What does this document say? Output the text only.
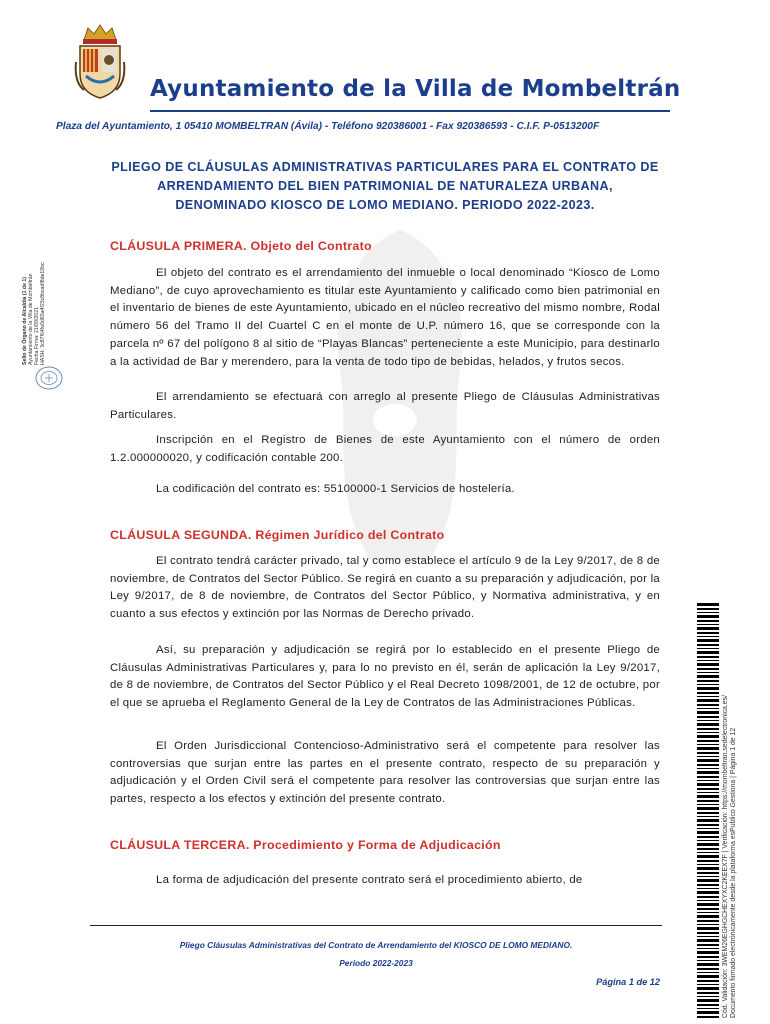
Ayuntamiento de la Villa de Mombeltrán
Plaza del Ayuntamiento, 1 05410 MOMBELTRAN (Ávila) - Teléfono 920386001 - Fax 920386593 - C.I.F. P-0513200F
Sello de Órgano de Alcaldía (1 de 1) Ayuntamiento de la Villa de Mombeltrán Fecha Firma: 21/09/2021 HASH: 3c87f64fe0d83a4f23c8bcadf8de19bc
PLIEGO DE CLÁUSULAS ADMINISTRATIVAS PARTICULARES PARA EL CONTRATO DE
ARRENDAMIENTO DEL BIEN PATRIMONIAL DE NATURALEZA URBANA,
DENOMINADO KIOSCO DE LOMO MEDIANO. PERIODO 2022-2023.
CLÁUSULA PRIMERA. Objeto del Contrato
El objeto del contrato es el arrendamiento del inmueble o local denominado “Kiosco de Lomo Mediano”, de cuyo aprovechamiento es titular este Ayuntamiento y calificado como bien patrimonial en el inventario de bienes de este Ayuntamiento, ubicado en el núcleo recreativo del mismo nombre, Rodal número 56 del Tramo II del Cuartel C en el monte de U.P. número 16, que se corresponde con la parcela nº 67 del polígono 8 al sitio de “Playas Blancas” perteneciente a este Municipio, para destinarlo a la actividad de Bar y merendero, para la venta de todo tipo de bebidas, helados, y frutos secos.
El arrendamiento se efectuará con arreglo al presente Pliego de Cláusulas Administrativas Particulares.
Inscripción en el Registro de Bienes de este Ayuntamiento con el número de orden 1.2.000000020, y codificación contable 200.
La codificación del contrato es: 55100000-1 Servicios de hostelería.
CLÁUSULA SEGUNDA. Régimen Jurídico del Contrato
El contrato tendrá carácter privado, tal y como establece el artículo 9 de la Ley 9/2017, de 8 de noviembre, de Contratos del Sector Público. Se regirá en cuanto a su preparación y adjudicación, por la Ley 9/2017, de 8 de noviembre, de Contratos del Sector Público, y Normativa administrativa, y en cuanto a sus efectos y extinción por las Normas de Derecho privado.
Así, su preparación y adjudicación se regirá por lo establecido en el presente Pliego de Cláusulas Administrativas Particulares y, para lo no previsto en él, serán de aplicación la Ley 9/2017, de 8 de noviembre, de Contratos del Sector Público y el Real Decreto 1098/2001, de 12 de octubre, por el que se aprueba el Reglamento General de la Ley de Contratos de las Administraciones Públicas.
El Orden Jurisdiccional Contencioso-Administrativo será el competente para resolver las controversias que surjan entre las partes en el presente contrato, respecto de su preparación y adjudicación y el Orden Civil será el competente para resolver las controversias que surjan entre las partes, respecto a los efectos y extinción del presente contrato.
CLÁUSULA TERCERA. Procedimiento y Forma de Adjudicación
La forma de adjudicación del presente contrato será el procedimiento abierto, de	Cód. Validación: 3WEM26EGHGCHEXYXC2KEEX7F | Verificación: https://mombeltran.sedelectronica.es/ Documento firmado electrónicamente desde la plataforma esPublico Gestiona | Página 1 de 12
Pliego Cláusulas Administrativas del Contrato de Arrendamiento del KIOSCO DE LOMO MEDIANO.
Periodo 2022-2023
Página 1 de 12
